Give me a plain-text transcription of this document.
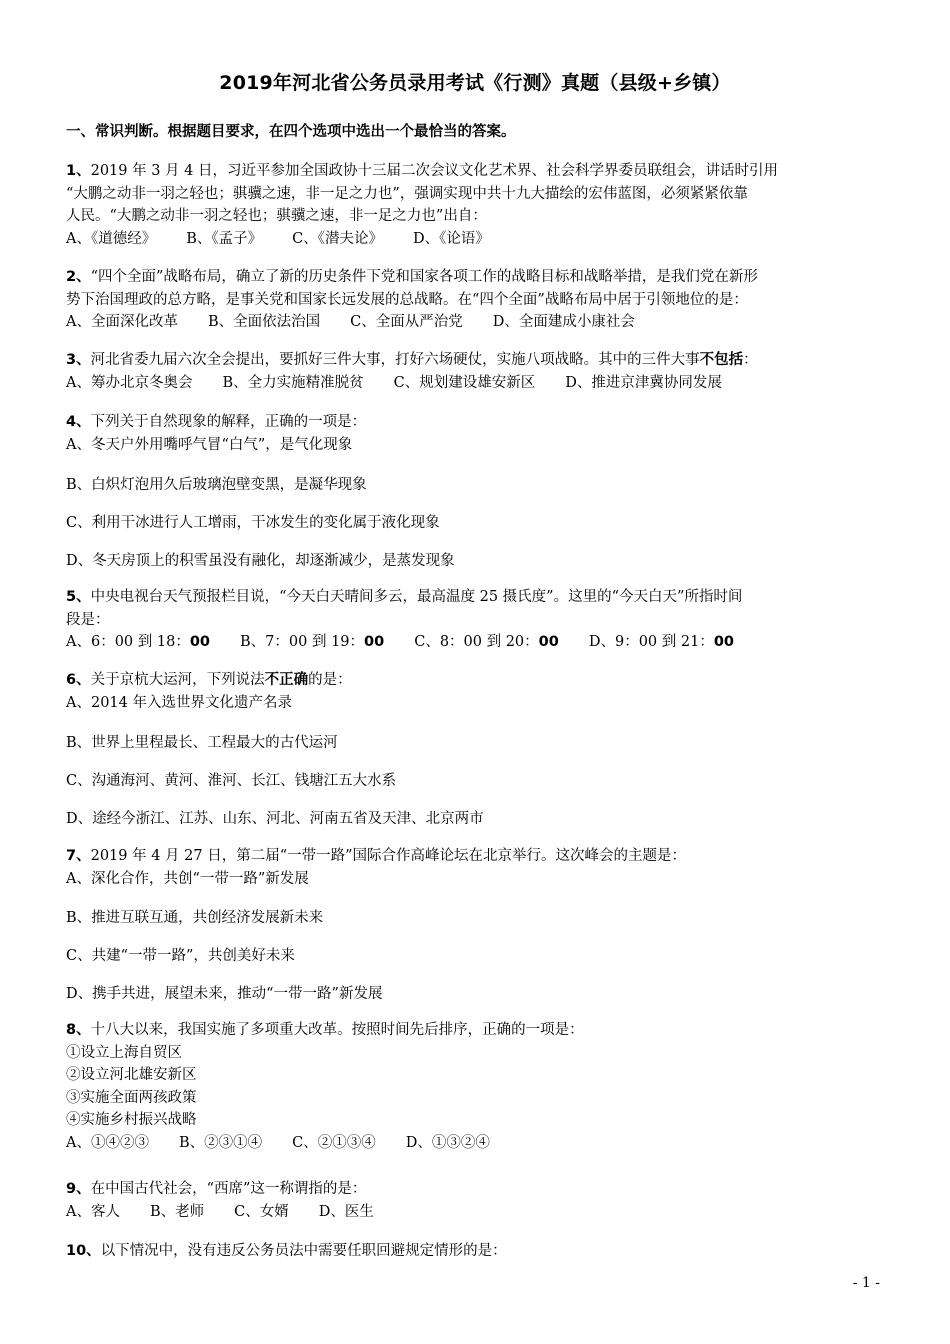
2019年河北省公务员录用考试《行测》真题（县级+乡镇）
一、常识判断。根据题目要求，在四个选项中选出一个最恰当的答案。
1、2019 年 3 月 4 日，习近平参加全国政协十三届二次会议文化艺术界、社会科学界委员联组会，讲话时引用
“大鹏之动非一羽之轻也；骐骥之速，非一足之力也”，强调实现中共十九大描绘的宏伟蓝图，必须紧紧依靠
人民。“大鹏之动非一羽之轻也；骐骥之速，非一足之力也”出自：
A、《道德经》 B、《孟子》 C、《潜夫论》 D、《论语》
2、“四个全面”战略布局，确立了新的历史条件下党和国家各项工作的战略目标和战略举措，是我们党在新形
势下治国理政的总方略，是事关党和国家长远发展的总战略。在“四个全面”战略布局中居于引领地位的是：
A、全面深化改革 B、全面依法治国 C、全面从严治党 D、全面建成小康社会
3、河北省委九届六次全会提出，要抓好三件大事，打好六场硬仗，实施八项战略。其中的三件大事不包括：
A、筹办北京冬奥会 B、全力实施精准脱贫 C、规划建设雄安新区 D、推进京津冀协同发展
4、下列关于自然现象的解释，正确的一项是：
A、冬天户外用嘴呼气冒“白气”，是气化现象
B、白炽灯泡用久后玻璃泡壁变黑，是凝华现象
C、利用干冰进行人工增雨，干冰发生的变化属于液化现象
D、冬天房顶上的积雪虽没有融化，却逐渐减少，是蒸发现象
5、中央电视台天气预报栏目说，“今天白天晴间多云，最高温度 25 摄氏度”。这里的“今天白天”所指时间
段是：
A、6：00 到 18：00 B、7：00 到 19：00 C、8：00 到 20：00 D、9：00 到 21：00
6、关于京杭大运河，下列说法不正确的是：
A、2014 年入选世界文化遗产名录
B、世界上里程最长、工程最大的古代运河
C、沟通海河、黄河、淮河、长江、钱塘江五大水系
D、途经今浙江、江苏、山东、河北、河南五省及天津、北京两市
7、2019 年 4 月 27 日，第二届“一带一路”国际合作高峰论坛在北京举行。这次峰会的主题是：
A、深化合作，共创“一带一路”新发展
B、推进互联互通，共创经济发展新未来
C、共建“一带一路”，共创美好未来
D、携手共进，展望未来，推动“一带一路”新发展
8、十八大以来，我国实施了多项重大改革。按照时间先后排序，正确的一项是：
①设立上海自贸区
②设立河北雄安新区
③实施全面两孩政策
④实施乡村振兴战略
A、①④②③ B、②③①④ C、②①③④ D、①③②④
9、在中国古代社会，“西席”这一称谓指的是：
A、客人 B、老师 C、女婿 D、医生
10、以下情况中，没有违反公务员法中需要任职回避规定情形的是：
- 1 -
